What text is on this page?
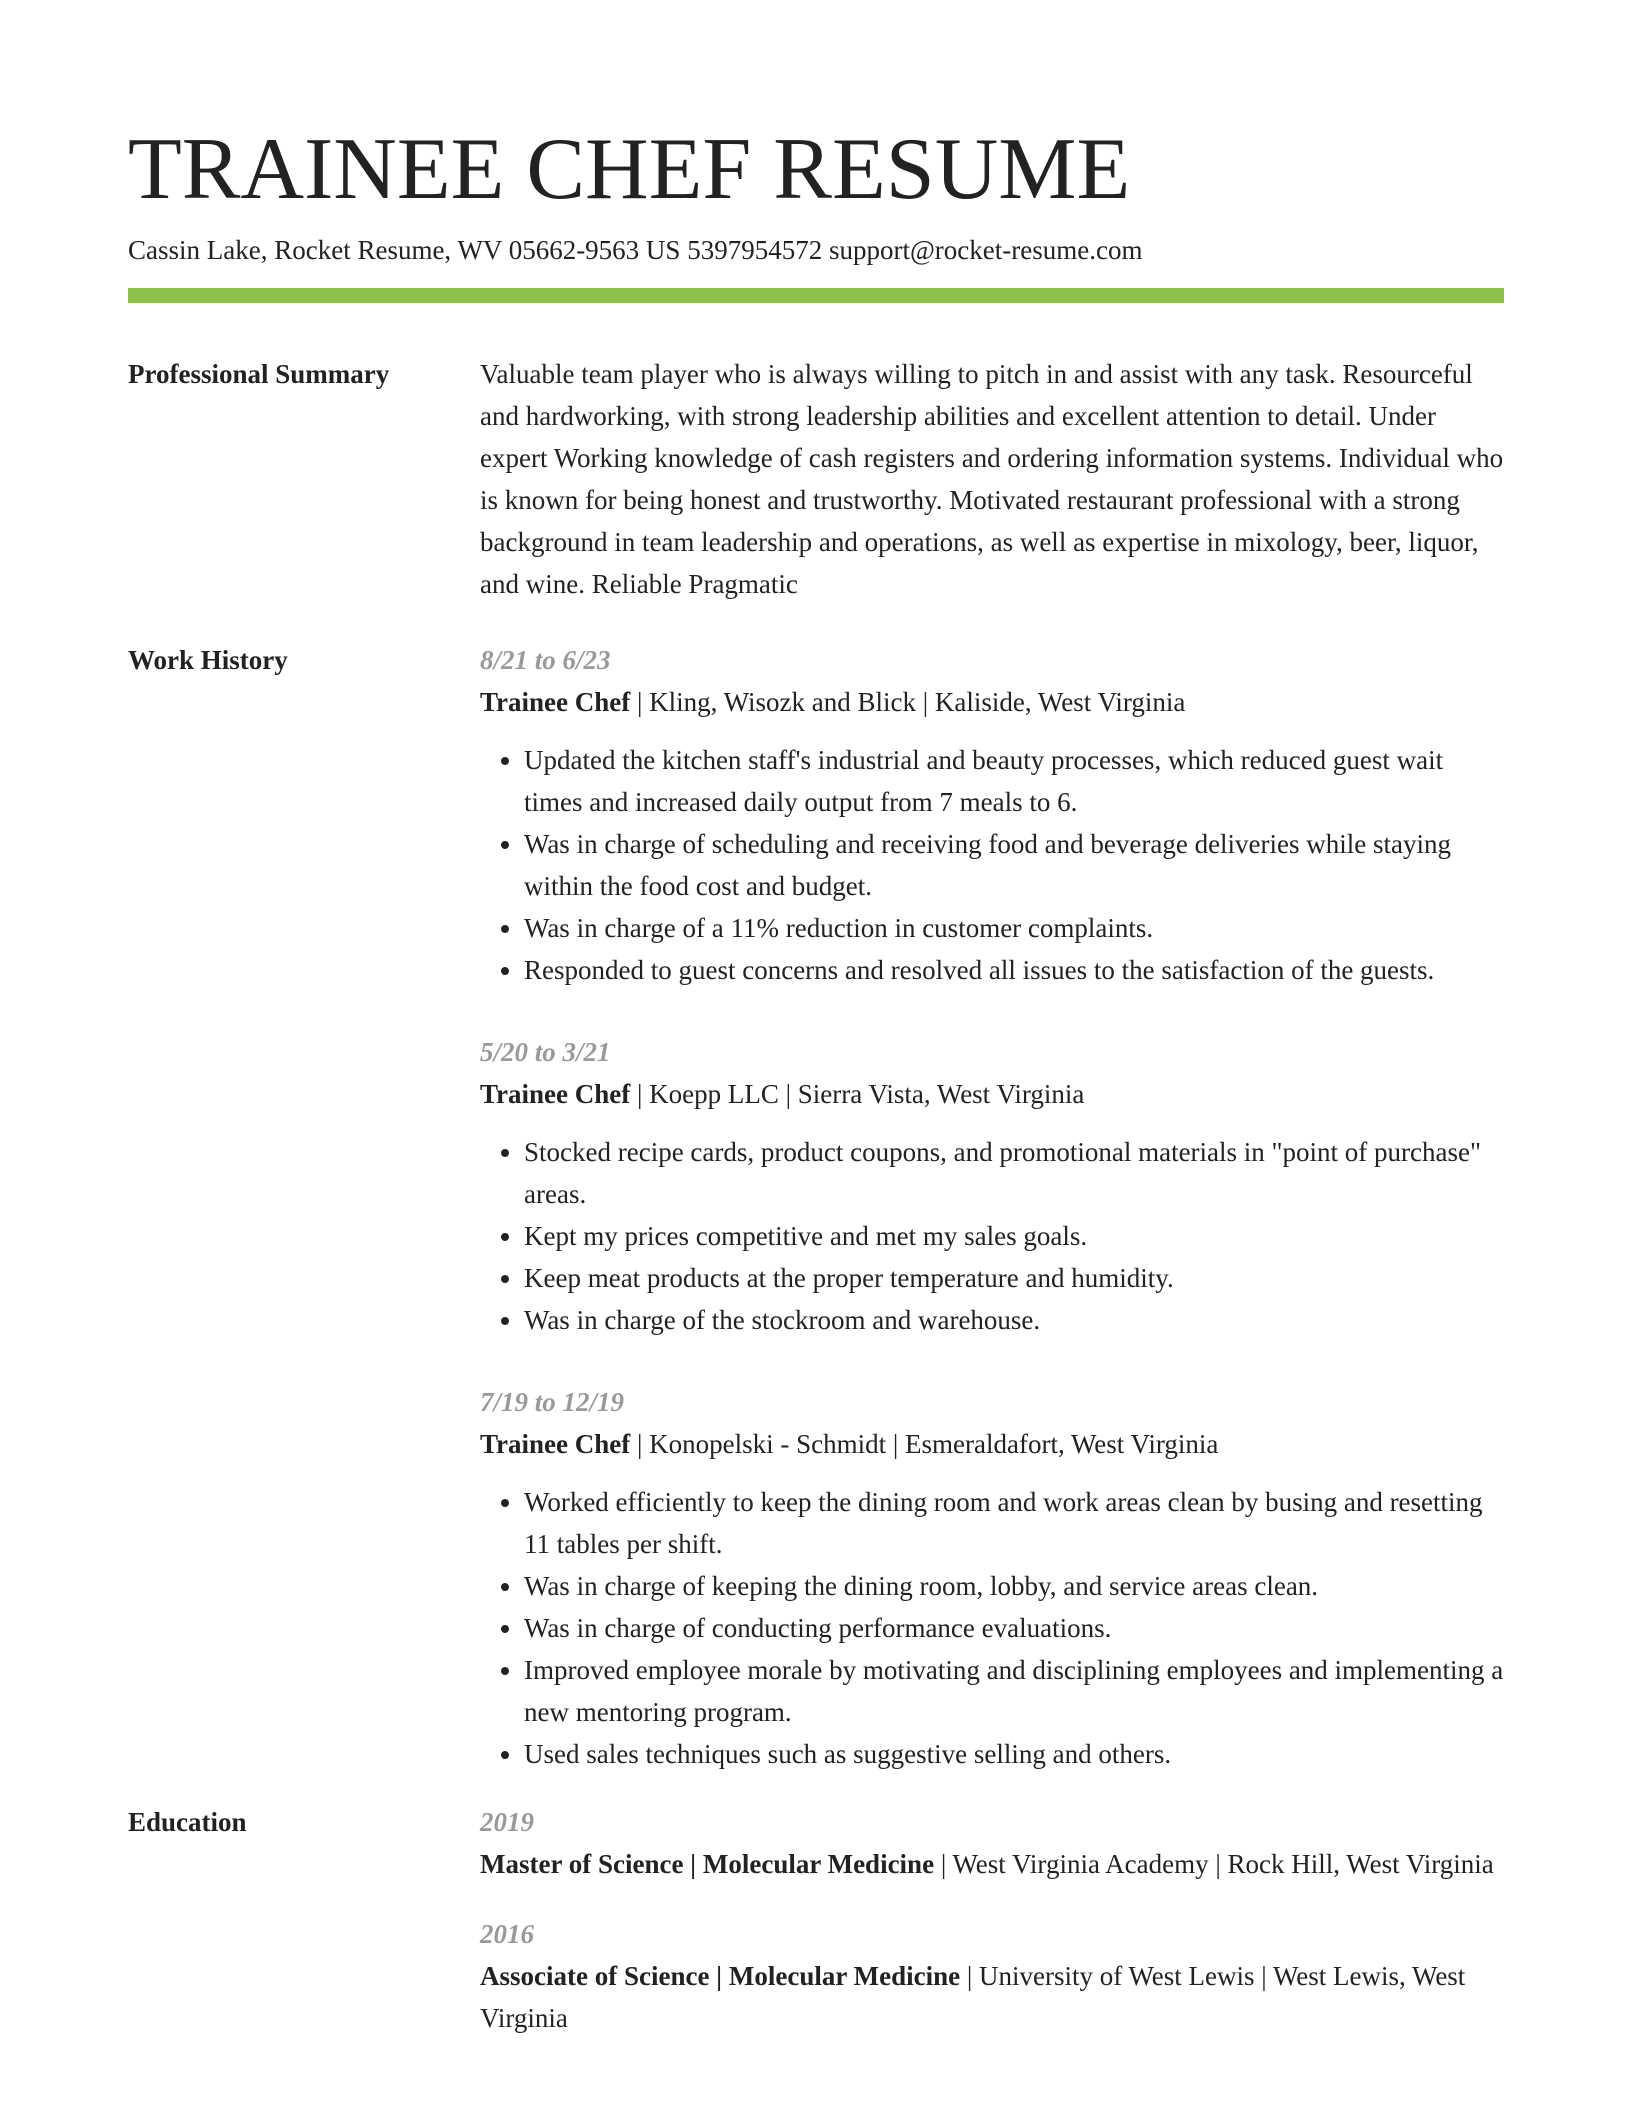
TRAINEE CHEF RESUME
Cassin Lake, Rocket Resume, WV 05662-9563 US 5397954572 support@rocket-resume.com
Professional Summary	Valuable team player who is always willing to pitch in and assist with any task. Resourceful and hardworking, with strong leadership abilities and excellent attention to detail. Under expert Working knowledge of cash registers and ordering information systems. Individual who is known for being honest and trustworthy. Motivated restaurant professional with a strong background in team leadership and operations, as well as expertise in mixology, beer, liquor, and wine. Reliable Pragmatic
Work History	8/21 to 6/23
Trainee Chef | Kling, Wisozk and Blick | Kaliside, West Virginia
• Updated the kitchen staff's industrial and beauty processes, which reduced guest wait times and increased daily output from 7 meals to 6.
• Was in charge of scheduling and receiving food and beverage deliveries while staying within the food cost and budget.
• Was in charge of a 11% reduction in customer complaints.
• Responded to guest concerns and resolved all issues to the satisfaction of the guests.
5/20 to 3/21
Trainee Chef | Koepp LLC | Sierra Vista, West Virginia
• Stocked recipe cards, product coupons, and promotional materials in "point of purchase" areas.
• Kept my prices competitive and met my sales goals.
• Keep meat products at the proper temperature and humidity.
• Was in charge of the stockroom and warehouse.
7/19 to 12/19
Trainee Chef | Konopelski - Schmidt | Esmeraldafort, West Virginia
• Worked efficiently to keep the dining room and work areas clean by busing and resetting 11 tables per shift.
• Was in charge of keeping the dining room, lobby, and service areas clean.
• Was in charge of conducting performance evaluations.
• Improved employee morale by motivating and disciplining employees and implementing a new mentoring program.
• Used sales techniques such as suggestive selling and others.
Education	2019
Master of Science | Molecular Medicine | West Virginia Academy | Rock Hill, West Virginia
2016
Associate of Science | Molecular Medicine | University of West Lewis | West Lewis, West Virginia
